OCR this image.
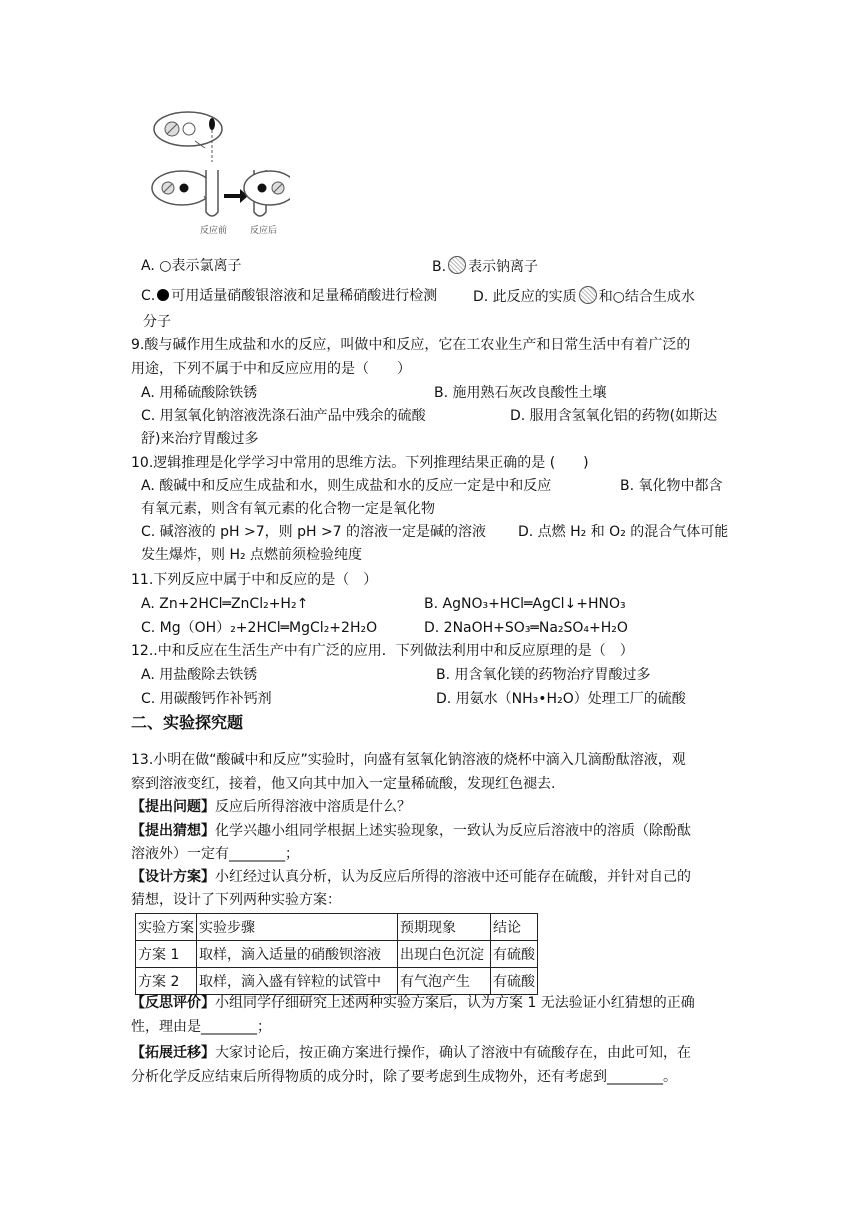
反应前	反应后
A. ○表示氯离子	B. 表示钠离子
C. 可用适量硝酸银溶液和足量稀硝酸进行检测	D. 此反应的实质 和○结合生成水
分子
9.酸与碱作用生成盐和水的反应，叫做中和反应，它在工农业生产和日常生活中有着广泛的
用途，下列不属于中和反应应用的是（　　）
A. 用稀硫酸除铁锈	B. 施用熟石灰改良酸性土壤
C. 用氢氧化钠溶液洗涤石油产品中残余的硫酸	D. 服用含氢氧化铝的药物(如斯达
舒)来治疗胃酸过多
10.逻辑推理是化学学习中常用的思维方法。下列推理结果正确的是 (　　)
A. 酸碱中和反应生成盐和水，则生成盐和水的反应一定是中和反应	B. 氧化物中都含
有氧元素，则含有氧元素的化合物一定是氧化物
C. 碱溶液的 pH >7，则 pH >7 的溶液一定是碱的溶液 D. 点燃 H₂ 和 O₂ 的混合气体可能
发生爆炸，则 H₂ 点燃前须检验纯度
11.下列反应中属于中和反应的是（　）
A. Zn+2HCl═ZnCl₂+H₂↑	B. AgNO₃+HCl═AgCl↓+HNO₃
C. Mg（OH）₂+2HCl═MgCl₂+2H₂O	D. 2NaOH+SO₃═Na₂SO₄+H₂O
12..中和反应在生活生产中有广泛的应用．下列做法利用中和反应原理的是（　）
A. 用盐酸除去铁锈	B. 用含氧化镁的药物治疗胃酸过多
C. 用碳酸钙作补钙剂	D. 用氨水（NH₃•H₂O）处理工厂的硫酸
二、实验探究题
13.小明在做“酸碱中和反应”实验时，向盛有氢氧化钠溶液的烧杯中滴入几滴酚酞溶液，观
察到溶液变红，接着，他又向其中加入一定量稀硫酸，发现红色褪去.
【提出问题】反应后所得溶液中溶质是什么？
【提出猜想】化学兴趣小组同学根据上述实验现象，一致认为反应后溶液中的溶质（除酚酞
溶液外）一定有________；
【设计方案】小红经过认真分析，认为反应后所得的溶液中还可能存在硫酸，并针对自己的
猜想，设计了下列两种实验方案：
实验方案	实验步骤	预期现象	结论
方案 1	取样，滴入适量的硝酸钡溶液	出现白色沉淀	有硫酸
方案 2	取样，滴入盛有锌粒的试管中	有气泡产生	有硫酸
【反思评价】小组同学仔细研究上述两种实验方案后，认为方案 1 无法验证小红猜想的正确
性，理由是________；
【拓展迁移】大家讨论后，按正确方案进行操作，确认了溶液中有硫酸存在，由此可知，在
分析化学反应结束后所得物质的成分时，除了要考虑到生成物外，还有考虑到________。
